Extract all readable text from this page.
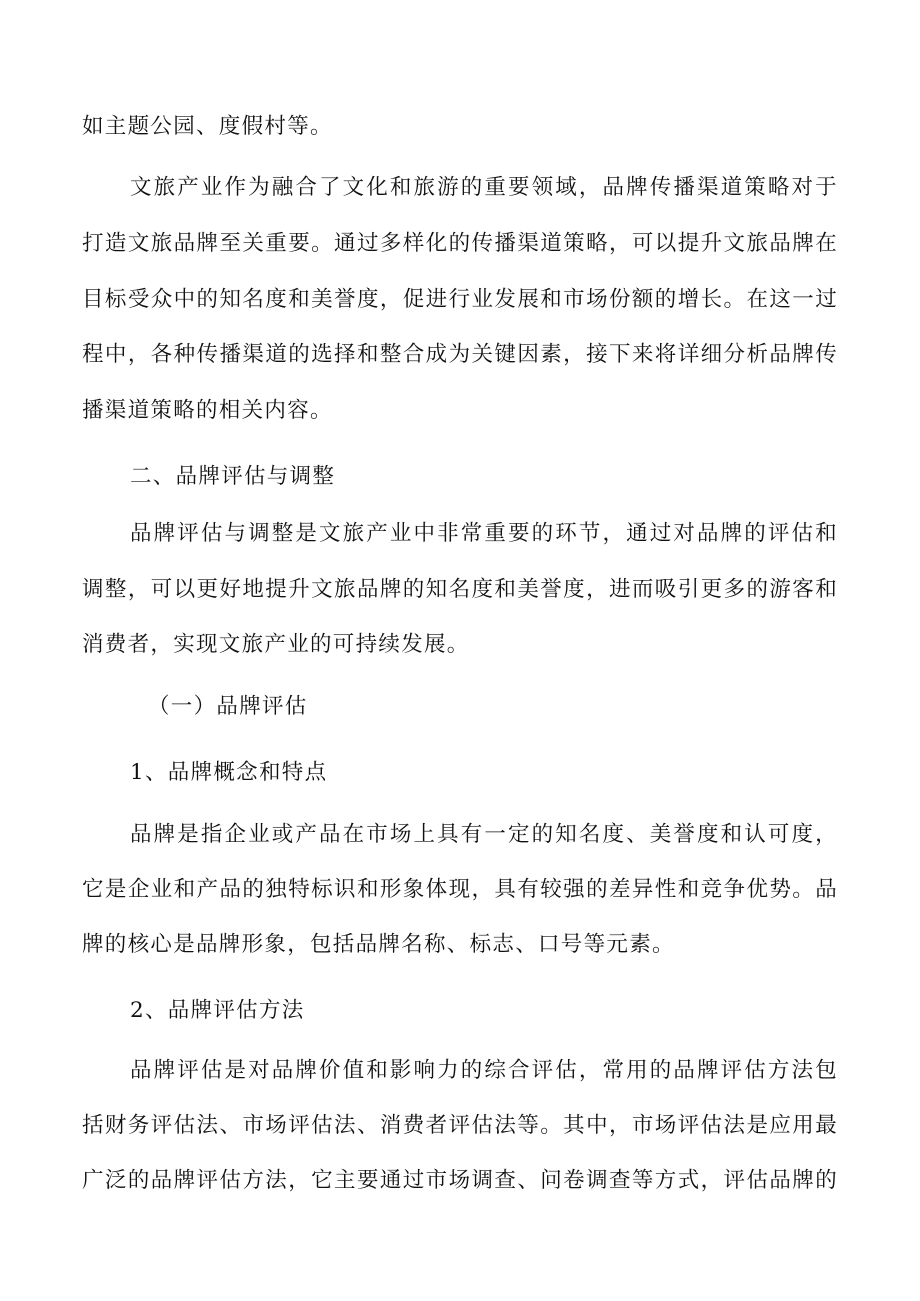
如主题公园、度假村等。
文旅产业作为融合了文化和旅游的重要领域，品牌传播渠道策略对于
打造文旅品牌至关重要。通过多样化的传播渠道策略，可以提升文旅品牌在
目标受众中的知名度和美誉度，促进行业发展和市场份额的增长。在这一过
程中，各种传播渠道的选择和整合成为关键因素，接下来将详细分析品牌传
播渠道策略的相关内容。
二、品牌评估与调整
品牌评估与调整是文旅产业中非常重要的环节，通过对品牌的评估和
调整，可以更好地提升文旅品牌的知名度和美誉度，进而吸引更多的游客和
消费者，实现文旅产业的可持续发展。
（一）品牌评估
1、品牌概念和特点
品牌是指企业或产品在市场上具有一定的知名度、美誉度和认可度，
它是企业和产品的独特标识和形象体现，具有较强的差异性和竞争优势。品
牌的核心是品牌形象，包括品牌名称、标志、口号等元素。
2、品牌评估方法
品牌评估是对品牌价值和影响力的综合评估，常用的品牌评估方法包
括财务评估法、市场评估法、消费者评估法等。其中，市场评估法是应用最
广泛的品牌评估方法，它主要通过市场调查、问卷调查等方式，评估品牌的
